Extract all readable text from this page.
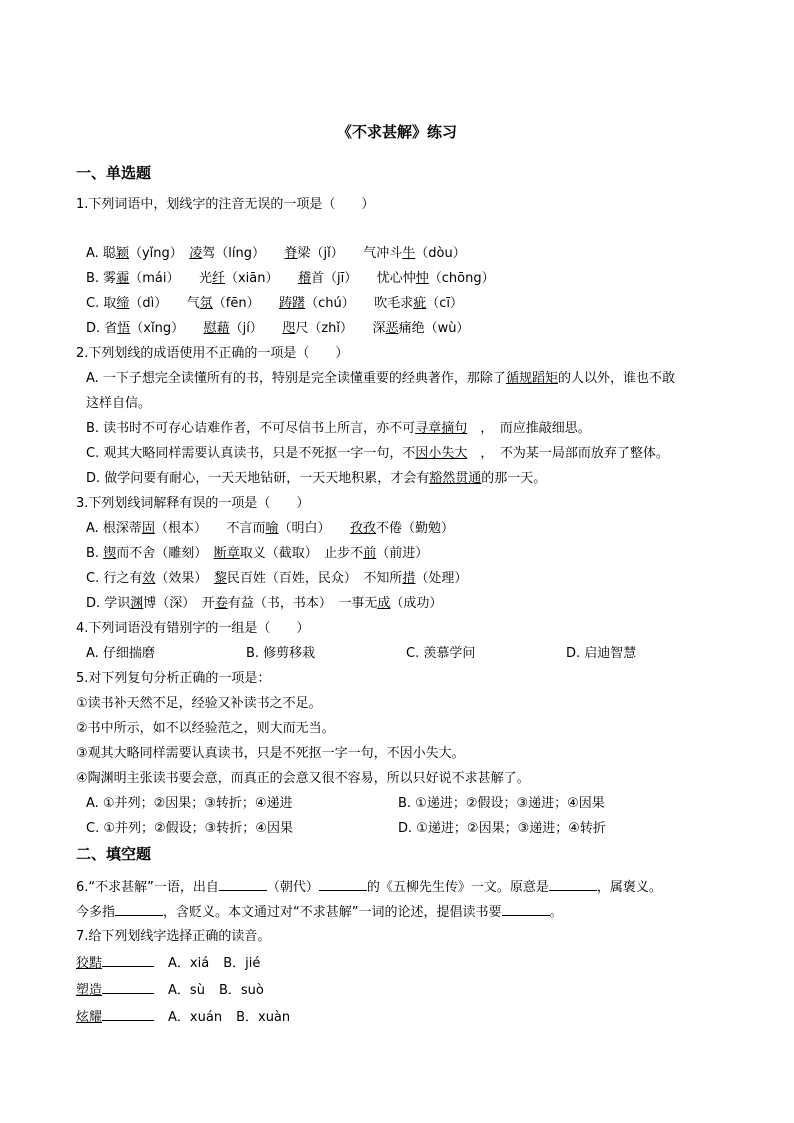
《不求甚解》练习
一、单选题
1.下列词语中，划线字的注音无误的一项是（　　）
A. 聪颖（yǐng）　凌驾（líng）　　脊梁（jǐ）　　气冲斗牛（dòu）
B. 雾霾（mái）　　光纤（xiān）　　稽首（jī）　　忧心忡忡（chōng）
C. 取缔（dì）　　气氛（fēn）　　踌躇（chú）　　吹毛求疵（cī）
D. 省悟（xǐng）　　慰藉（jí）　　咫尺（zhǐ）　　深恶痛绝（wù）
2.下列划线的成语使用不正确的一项是（　　）
A. 一下子想完全读懂所有的书，特别是完全读懂重要的经典著作，那除了循规蹈矩的人以外，谁也不敢
这样自信。
B. 读书时不可存心诘难作者，不可尽信书上所言，亦不可寻章摘句　，　而应推敲细思。
C. 观其大略同样需要认真读书，只是不死抠一字一句，不因小失大　，　不为某一局部而放弃了整体。
D. 做学问要有耐心，一天天地钻研，一天天地积累，才会有豁然贯通的那一天。
3.下列划线词解释有误的一项是（　　）
A. 根深蒂固（根本）　　不言而喻（明白）　　孜孜不倦（勤勉）
B. 锲而不舍（雕刻）　断章取义（截取）　止步不前（前进）
C. 行之有效（效果）　黎民百姓（百姓，民众）　不知所措（处理）
D. 学识渊博（深）　开卷有益（书，书本）　一事无成（成功）
4.下列词语没有错别字的一组是（　　）
A. 仔细揣磨	B. 修剪移栽	C. 羡慕学问	D. 启迪智慧
5.对下列复句分析正确的一项是：
①读书补天然不足，经验又补读书之不足。
②书中所示，如不以经验范之，则大而无当。
③观其大略同样需要认真读书，只是不死抠一字一句，不因小失大。
④陶渊明主张读书要会意，而真正的会意又很不容易，所以只好说不求甚解了。
A. ①并列；②因果；③转折；④递进	B. ①递进；②假设；③递进；④因果
C. ①并列；②假设；③转折；④因果	D. ①递进；②因果；③递进；④转折
二、填空题
6.“不求甚解”一语，出自	（朝代）	的《五柳先生传》一文。原意是	，属褒义。
今多指	，含贬义。本文通过对“不求甚解”一词的论述，提倡读书要	。
7.给下列划线字选择正确的读音。
狡黠	A．xiá B．jié
塑造	A．sù B．suò
炫耀	A．xuán B．xuàn
